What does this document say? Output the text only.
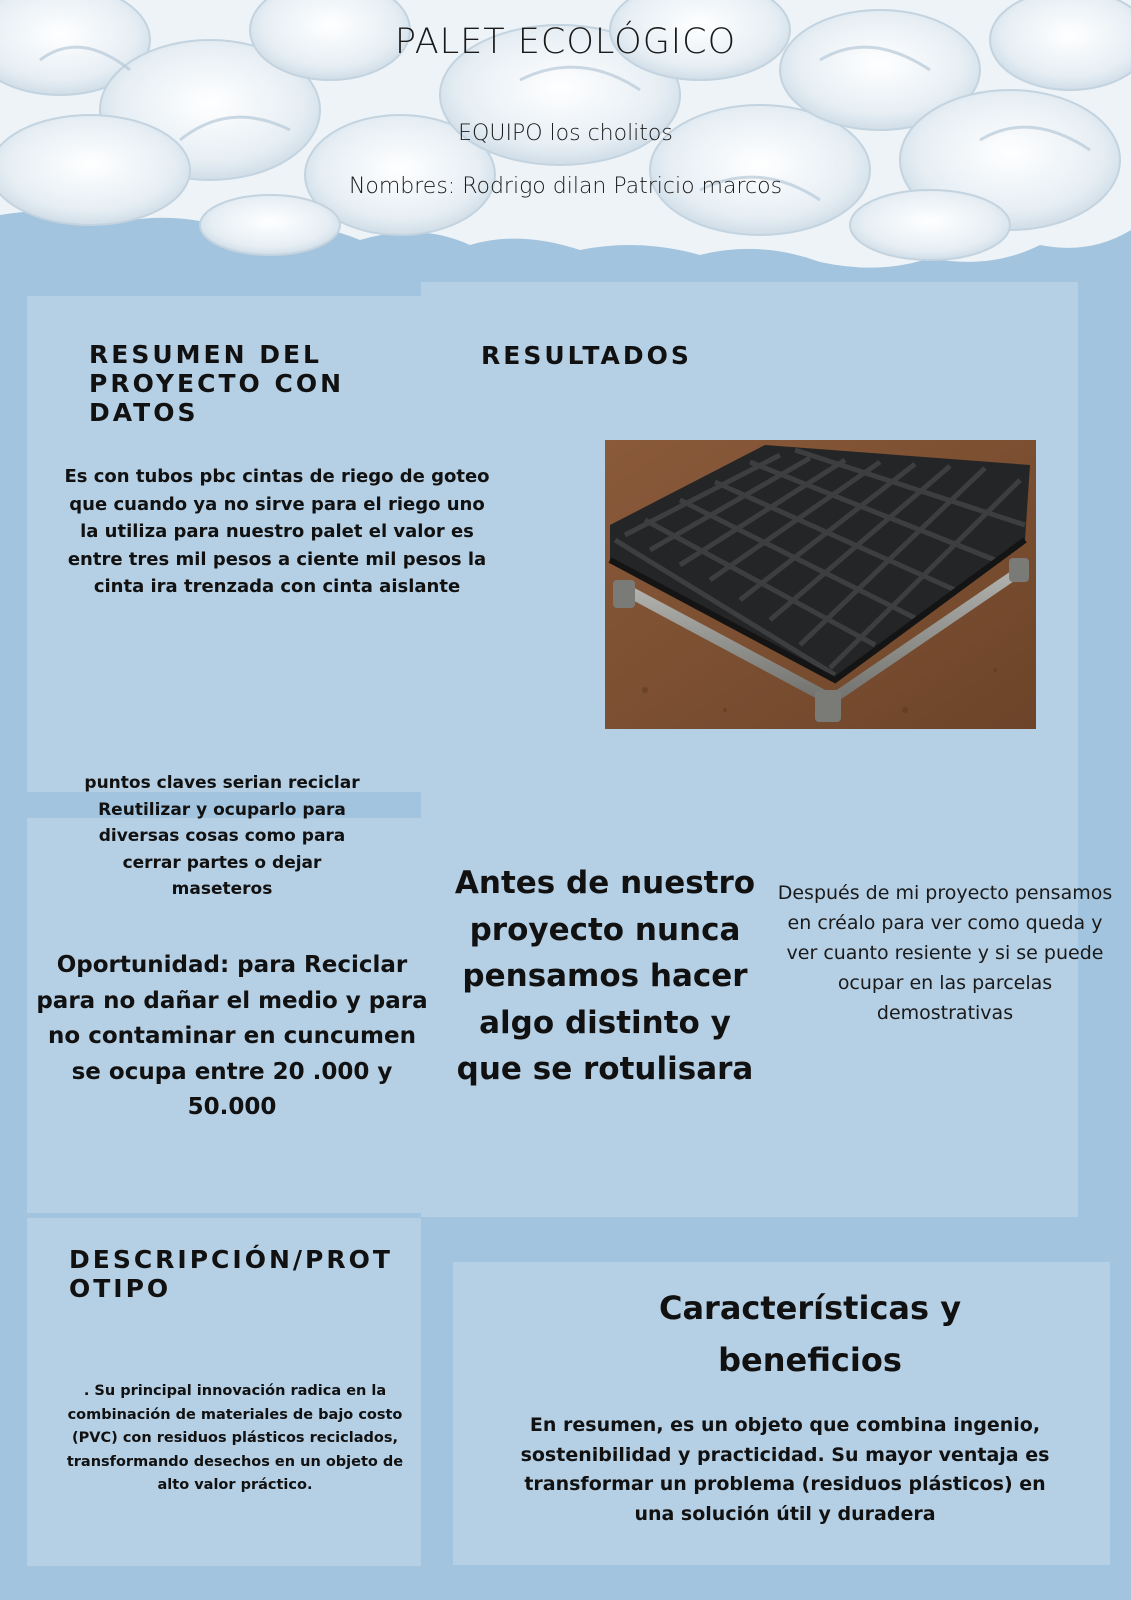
PALET ECOLÓGICO
EQUIPO los cholitos
Nombres: Rodrigo dilan Patricio marcos
RESUMEN DEL PROYECTO CON DATOS
Es con tubos pbc cintas de riego de goteo que cuando ya no sirve para el riego uno la utiliza para nuestro palet el valor es entre tres mil pesos a ciente mil pesos la cinta ira trenzada con cinta aislante
puntos claves serian reciclar Reutilizar y ocuparlo para diversas cosas como para cerrar partes o dejar maseteros
Oportunidad: para Reciclar para no dañar el medio y para no contaminar en cuncumen se ocupa entre 20 .000 y 50.000
RESULTADOS
Antes de nuestro proyecto nunca pensamos hacer algo distinto y que se rotulisara
Después de mi proyecto pensamos en créalo para ver como queda y ver cuanto resiente y si se puede ocupar en las parcelas demostrativas
DESCRIPCIÓN/PROTOTIPO
. Su principal innovación radica en la combinación de materiales de bajo costo (PVC) con residuos plásticos reciclados, transformando desechos en un objeto de alto valor práctico.
Características y beneficios
En resumen, es un objeto que combina ingenio, sostenibilidad y practicidad. Su mayor ventaja es transformar un problema (residuos plásticos) en una solución útil y duradera
